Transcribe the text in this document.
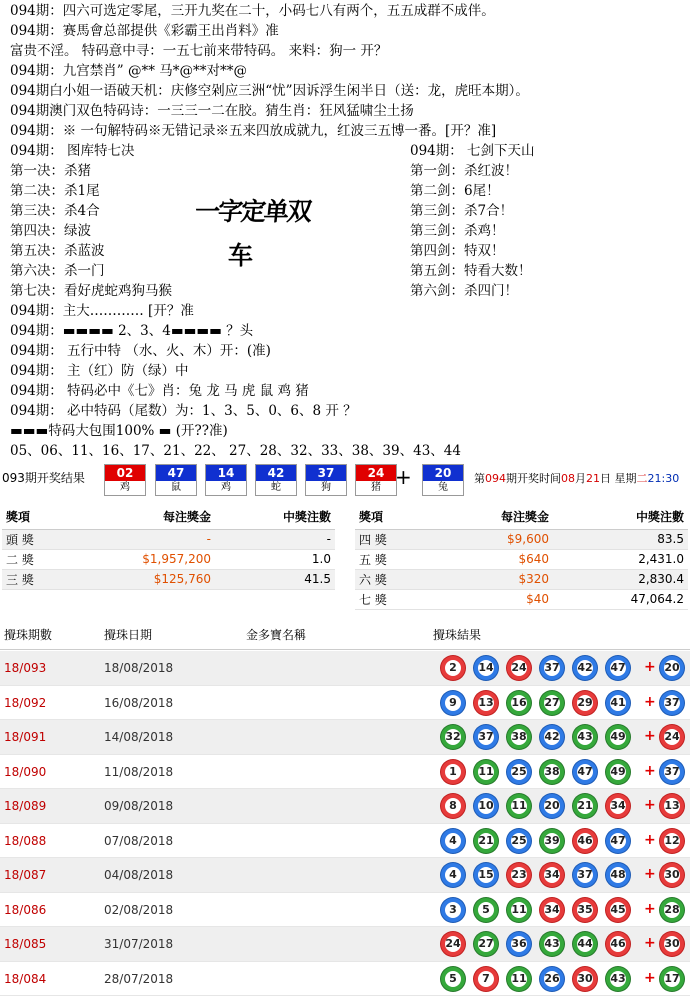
094期：四六可选定零尾，三开九奖在二十，小码七八有两个，五五成群不成伴。
094期：赛馬會总部提供《彩霸王出肖料》准
富贵不淫。 特码意中寻：一五七前来带特码。 来料：狗一 开？
094期：九宫禁肖” @** 马*@**对**@
094期白小姐一语破天机：庆修空剁应三洲“忧”因诉浮生闲半日（送：龙，虎旺本期）。
094期澳门双色特码诗：一三三一二在胶。猜生肖：狂风猛啸尘土扬
094期：※ 一句解特码※无错记录※五来四放成就九，红波三五博一番。[开？准]
094期： 图库特七决
第一决：杀猪
第二决：杀1尾
第三决：杀4合
第四决：绿波
第五决：杀蓝波
第六决：杀一门
第七决：看好虎蛇鸡狗马猴
094期：主大………… [开？准
094期：▬▬▬▬ 2、3、4▬▬▬▬ ？头
094期： 五行中特 （水、火、木）开：(准)
094期： 主（红）防（绿）中
094期： 特码必中《七》肖：兔 龙 马 虎 鼠 鸡 猪
094期： 必中特码（尾数）为：1、3、5、0、6、8 开 ？
▬▬▬特码大包围100% ▬ (开??准)
05、06、11、16、17、21、22、 27、28、32、33、38、39、43、44
094期： 七剑下天山
第一剑：杀红波！
第二剑：6尾！
第三剑：杀7合！
第三剑：杀鸡！
第四剑：特双！
第五剑：特看大数！
第六剑：杀四门！
一字定单双
车
093期开奖结果	02
鸡
47
鼠
14
鸡
42
蛇
37
狗
24
猪
20
兔
+	第094期开奖时间08月21日 星期二21:30
獎項	每注獎金	中獎注數
頭 獎	-	-
二 獎	$1,957,200	1.0
三 獎	$125,760	41.5
獎項	每注獎金	中獎注數
四 獎	$9,600	83.5
五 獎	$640	2,431.0
六 獎	$320	2,830.4
七 獎	$40	47,064.2
攪珠期數	攪珠日期	金多寶名稱	攪珠結果
18/093	18/08/2018	2	14	24	37	42	47	+ 20
18/092	16/08/2018	9	13	16	27	29	41	+ 37
18/091	14/08/2018	32	37	38	42	43	49	+ 24
18/090	11/08/2018	1	11	25	38	47	49	+ 37
18/089	09/08/2018	8	10	11	20	21	34	+ 13
18/088	07/08/2018	4	21	25	39	46	47	+ 12
18/087	04/08/2018	4	15	23	34	37	48	+ 30
18/086	02/08/2018	3	5	11	34	35	45	+ 28
18/085	31/07/2018	24	27	36	43	44	46	+ 30
18/084	28/07/2018	5	7	11	26	30	43	+ 17
